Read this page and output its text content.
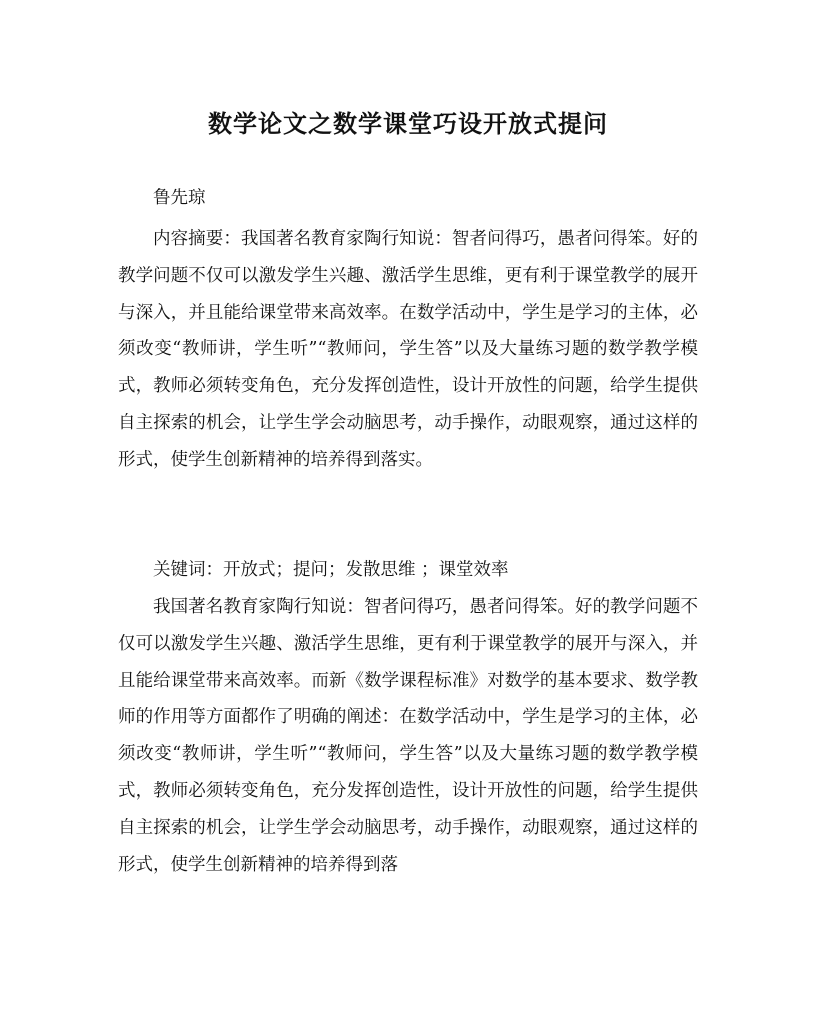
数学论文之数学课堂巧设开放式提问

鲁先琼

内容摘要：我国著名教育家陶行知说：智者问得巧，愚者问得笨。好的教学问题不仅可以激发学生兴趣、激活学生思维，更有利于课堂教学的展开与深入，并且能给课堂带来高效率。在数学活动中，学生是学习的主体，必须改变“教师讲，学生听”“教师问，学生答”以及大量练习题的数学教学模式，教师必须转变角色，充分发挥创造性，设计开放性的问题，给学生提供自主探索的机会，让学生学会动脑思考，动手操作，动眼观察，通过这样的形式，使学生创新精神的培养得到落实。

关键词：开放式；提问；发散思维 ；课堂效率

我国著名教育家陶行知说：智者问得巧，愚者问得笨。好的教学问题不仅可以激发学生兴趣、激活学生思维，更有利于课堂教学的展开与深入，并且能给课堂带来高效率。而新《数学课程标准》对数学的基本要求、数学教师的作用等方面都作了明确的阐述：在数学活动中，学生是学习的主体，必须改变“教师讲，学生听”“教师问，学生答”以及大量练习题的数学教学模式，教师必须转变角色，充分发挥创造性，设计开放性的问题，给学生提供自主探索的机会，让学生学会动脑思考，动手操作，动眼观察，通过这样的形式，使学生创新精神的培养得到落
